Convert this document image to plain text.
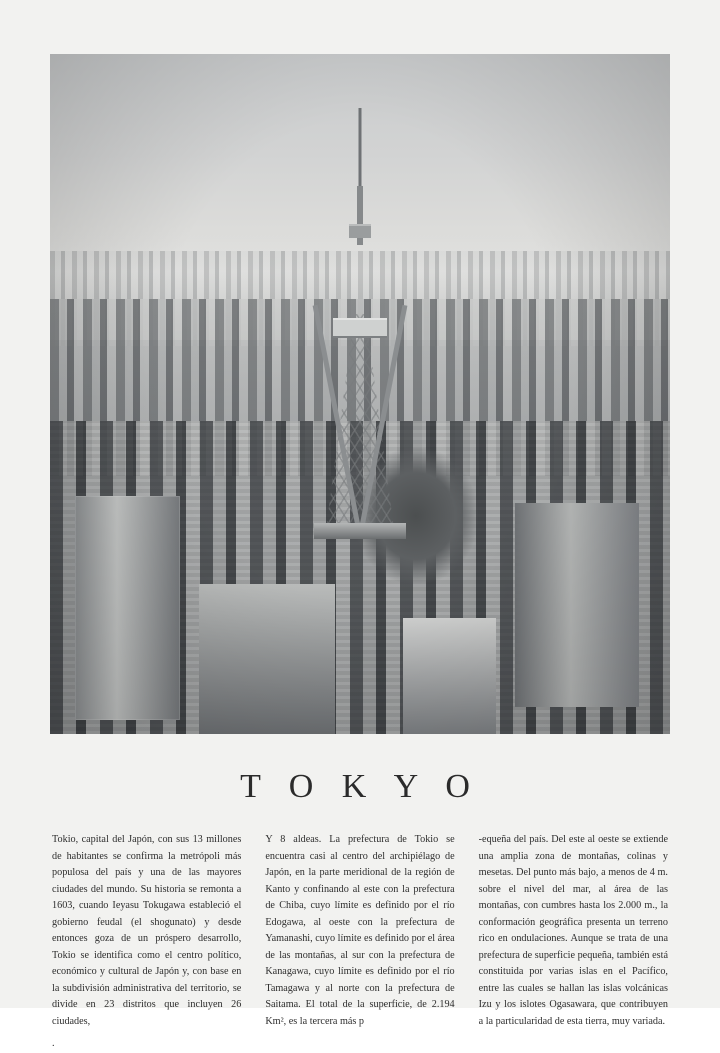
T O K Y O

Tokio, capital del Japón, con sus 13 millones de habitantes se confirma la metrópoli más populosa del país y una de las mayores ciudades del mundo. Su historia se remonta a 1603, cuando Ieyasu Tokugawa estableció el gobierno feudal (el shogunato) y desde entonces goza de un próspero desarrollo, Tokio se identifica como el centro político, económico y cultural de Japón y, con base en la subdivisión administrativa del territorio, se divide en 23 distritos que incluyen 26 ciudades,

.

Y 8 aldeas. La prefectura de Tokio se encuentra casi al centro del archipiélago de Japón, en la parte meridional de la región de Kanto y confinando al este con la prefectura de Chiba, cuyo límite es definido por el río Edogawa, al oeste con la prefectura de Yamanashi, cuyo límite es definido por el área de las montañas, al sur con la prefectura de Kanagawa, cuyo límite es definido por el río Tamagawa y al norte con la prefectura de Saitama. El total de la superficie, de 2.194 Km², es la tercera más p

-equeña del país. Del este al oeste se extiende una amplia zona de montañas, colinas y mesetas. Del punto más bajo, a menos de 4 m. sobre el nivel del mar, al área de las montañas, con cumbres hasta los 2.000 m., la conformación geográfica presenta un terreno rico en ondulaciones. Aunque se trata de una prefectura de superficie pequeña, también está constituida por varias islas en el Pacífico, entre las cuales se hallan las islas volcánicas Izu y los islotes Ogasawara, que contribuyen a la particularidad de esta tierra, muy variada.
